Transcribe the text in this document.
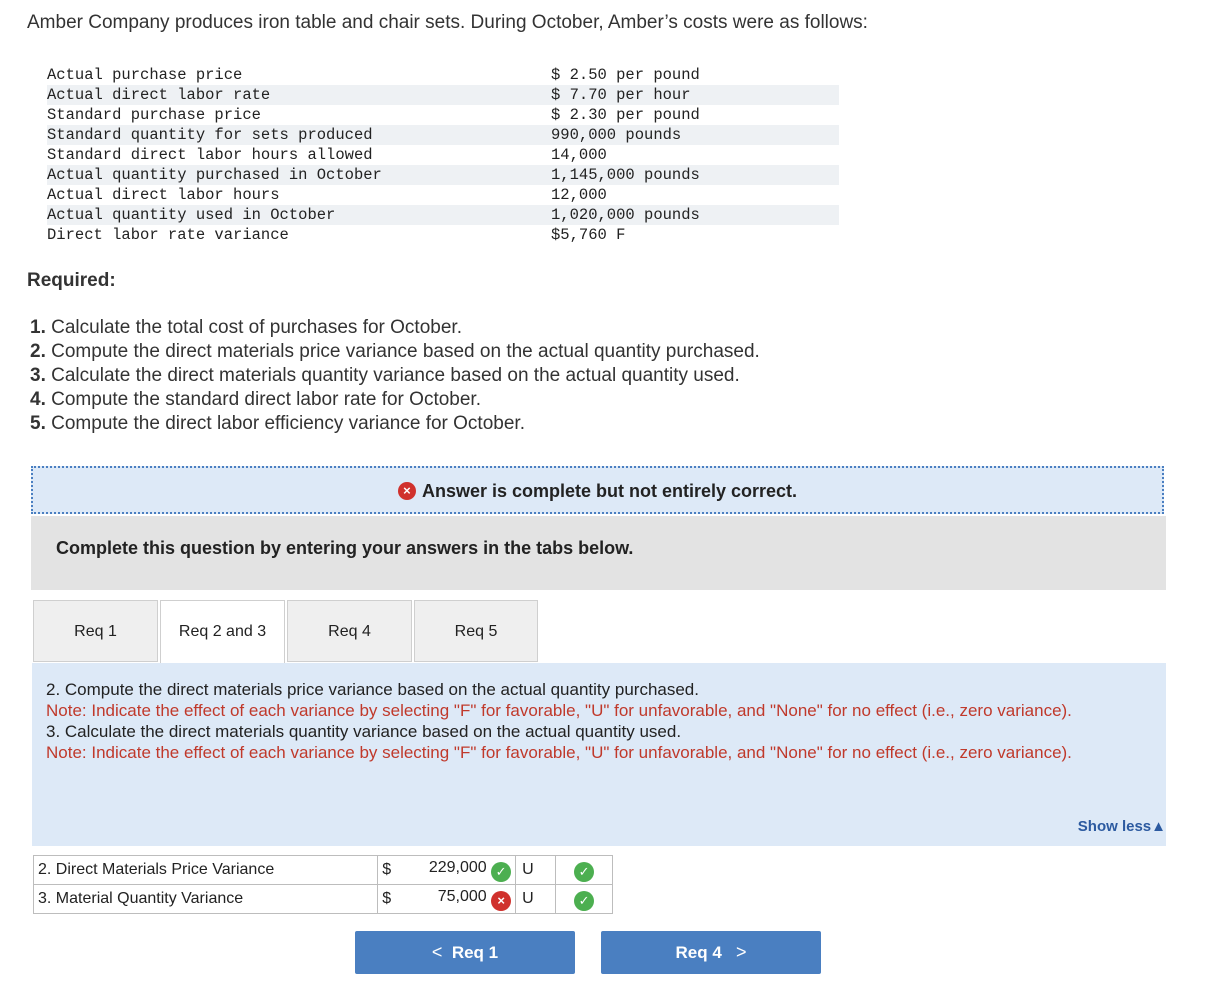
Amber Company produces iron table and chair sets. During October, Amber’s costs were as follows:
Actual purchase price	$ 2.50 per pound
Actual direct labor rate	$ 7.70 per hour
Standard purchase price	$ 2.30 per pound
Standard quantity for sets produced	990,000 pounds
Standard direct labor hours allowed	14,000
Actual quantity purchased in October	1,145,000 pounds
Actual direct labor hours	12,000
Actual quantity used in October	1,020,000 pounds
Direct labor rate variance	$5,760 F
Required:
1. Calculate the total cost of purchases for October.
2. Compute the direct materials price variance based on the actual quantity purchased.
3. Calculate the direct materials quantity variance based on the actual quantity used.
4. Compute the standard direct labor rate for October.
5. Compute the direct labor efficiency variance for October.
× Answer is complete but not entirely correct.
Complete this question by entering your answers in the tabs below.
Req 1	Req 2 and 3	Req 4	Req 5
2. Compute the direct materials price variance based on the actual quantity purchased.
Note: Indicate the effect of each variance by selecting "F" for favorable, "U" for unfavorable, and "None" for no effect (i.e., zero variance).
3. Calculate the direct materials quantity variance based on the actual quantity used.
Note: Indicate the effect of each variance by selecting "F" for favorable, "U" for unfavorable, and "None" for no effect (i.e., zero variance).
Show less▲
2. Direct Materials Price Variance	$	229,000 ✓	U	✓
3. Material Quantity Variance	$	75,000 ×	U	✓
< Req 1	Req 4 >
